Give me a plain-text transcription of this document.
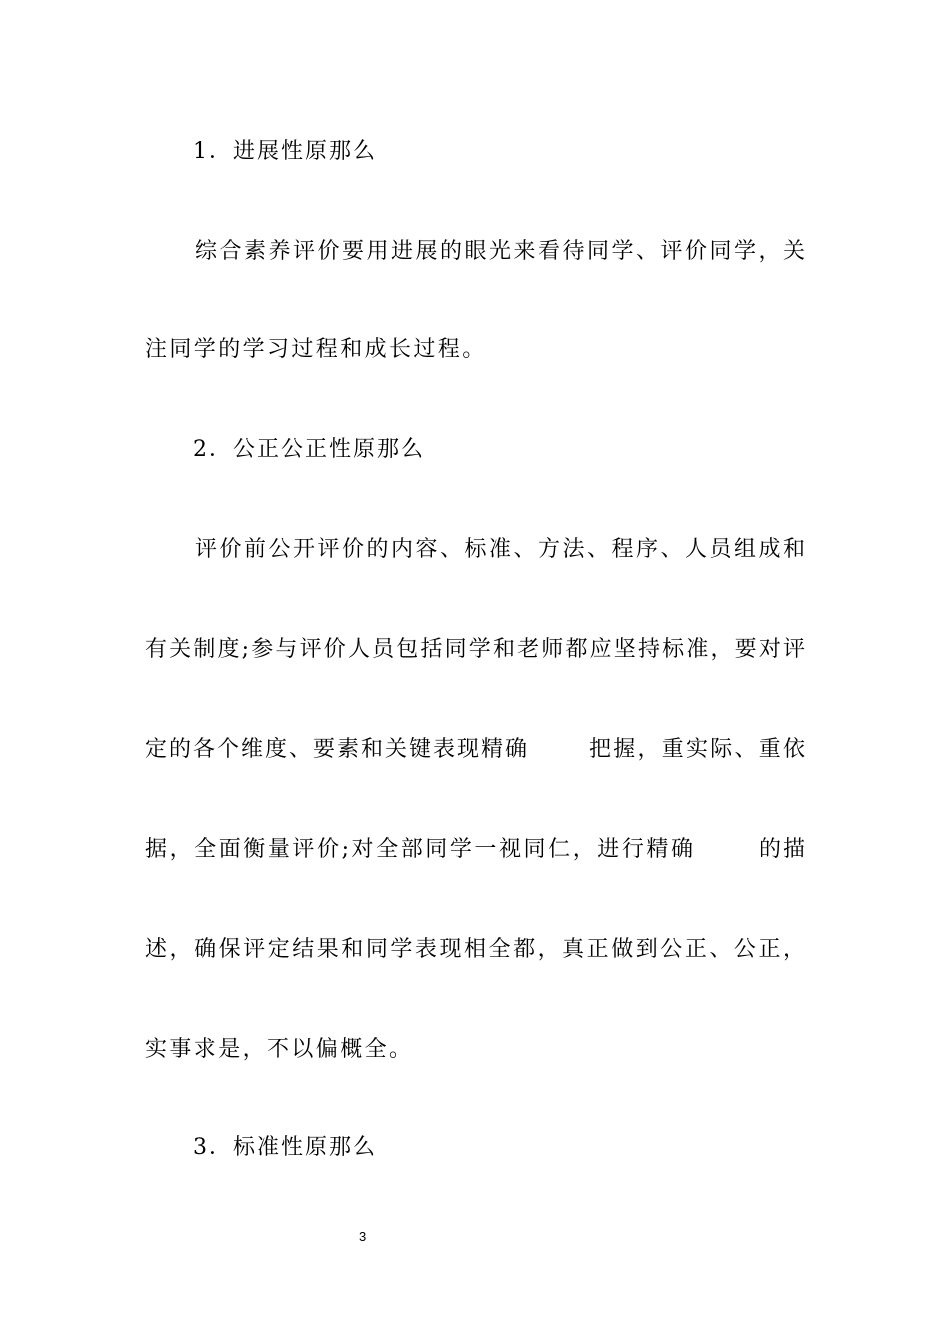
1．进展性原那么
综合素养评价要用进展的眼光来看待同学、评价同学，关
注同学的学习过程和成长过程。
2．公正公正性原那么
评价前公开评价的内容、标准、方法、程序、人员组成和
有关制度;参与评价人员包括同学和老师都应坚持标准，要对评
定的各个维度、要素和关键表现精确	把握，重实际、重依
据，全面衡量评价;对全部同学一视同仁，进行精确	的描
述，确保评定结果和同学表现相全都，真正做到公正、公正，
实事求是，不以偏概全。
3．标准性原那么
3
